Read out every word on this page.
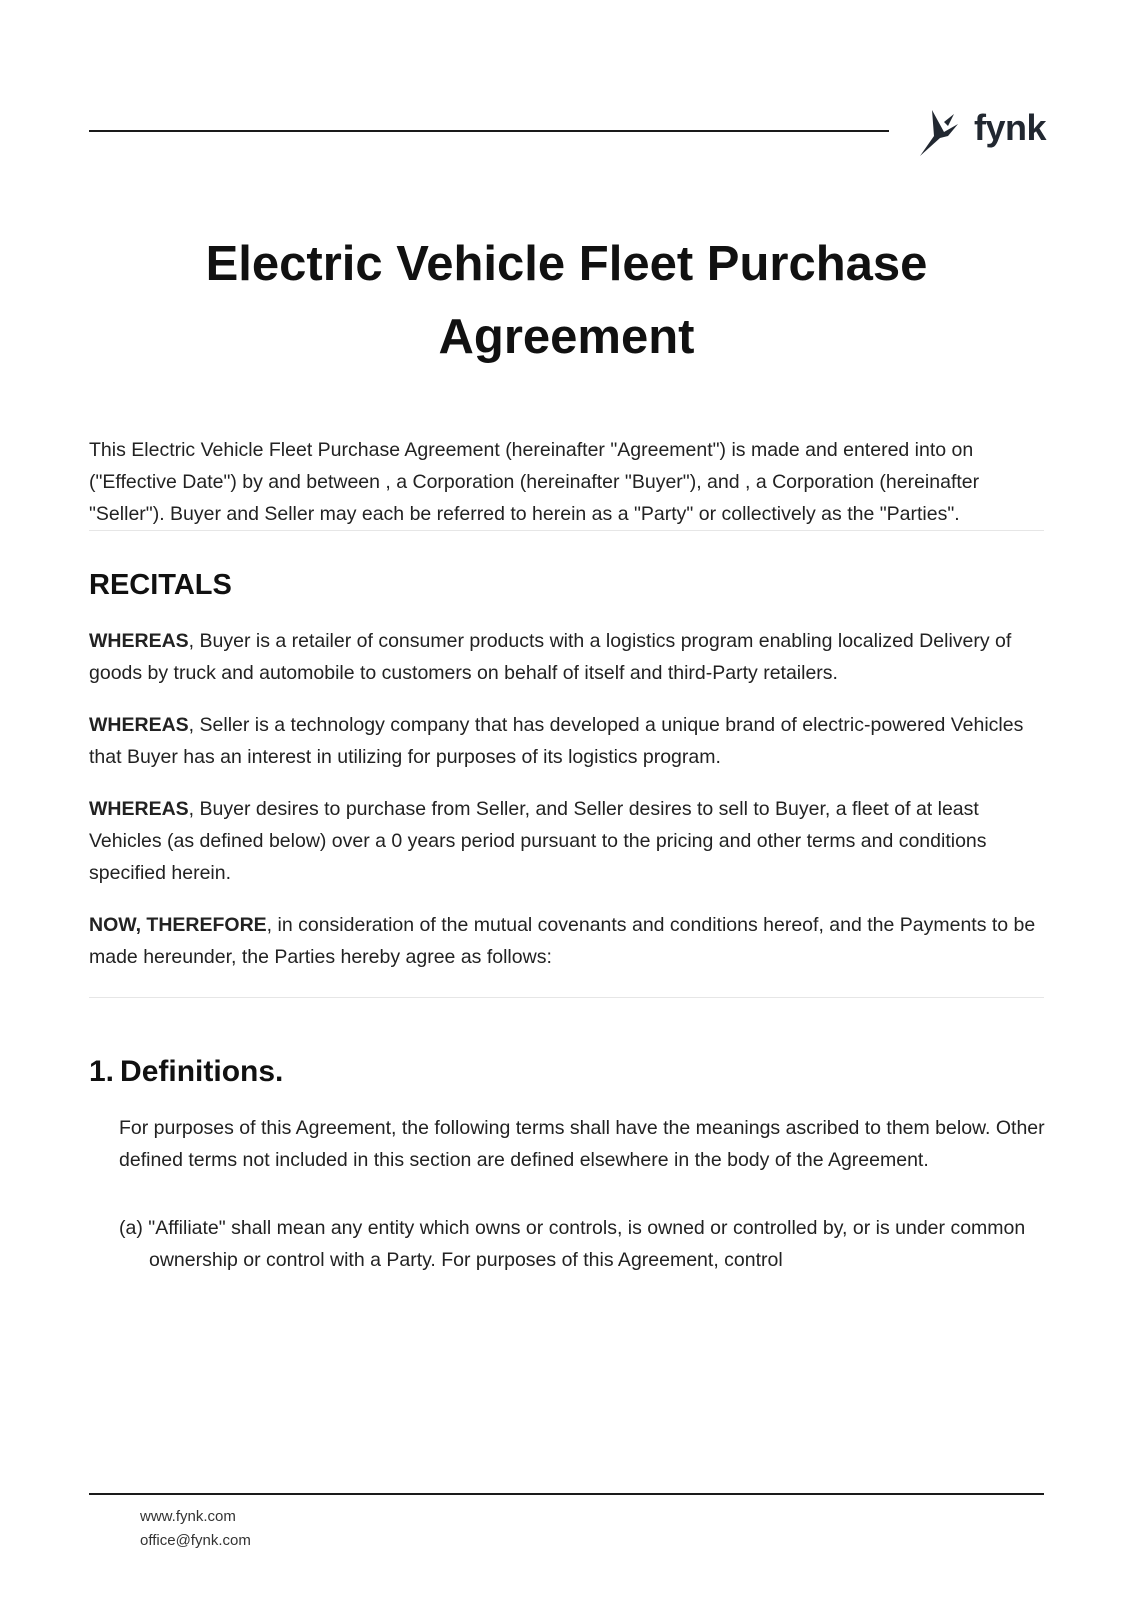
fynk
Electric Vehicle Fleet Purchase Agreement

This Electric Vehicle Fleet Purchase Agreement (hereinafter "Agreement") is made and entered into on ("Effective Date") by and between , a Corporation (hereinafter "Buyer"), and , a Corporation (hereinafter "Seller"). Buyer and Seller may each be referred to herein as a "Party" or collectively as the "Parties".

RECITALS

WHEREAS, Buyer is a retailer of consumer products with a logistics program enabling localized Delivery of goods by truck and automobile to customers on behalf of itself and third-Party retailers.

WHEREAS, Seller is a technology company that has developed a unique brand of electric-powered Vehicles that Buyer has an interest in utilizing for purposes of its logistics program.

WHEREAS, Buyer desires to purchase from Seller, and Seller desires to sell to Buyer, a fleet of at least Vehicles (as defined below) over a 0 years period pursuant to the pricing and other terms and conditions specified herein.

NOW, THEREFORE, in consideration of the mutual covenants and conditions hereof, and the Payments to be made hereunder, the Parties hereby agree as follows:

1. Definitions.

For purposes of this Agreement, the following terms shall have the meanings ascribed to them below. Other defined terms not included in this section are defined elsewhere in the body of the Agreement.

(a) "Affiliate" shall mean any entity which owns or controls, is owned or controlled by, or is under common ownership or control with a Party. For purposes of this Agreement, control

www.fynk.com
office@fynk.com
